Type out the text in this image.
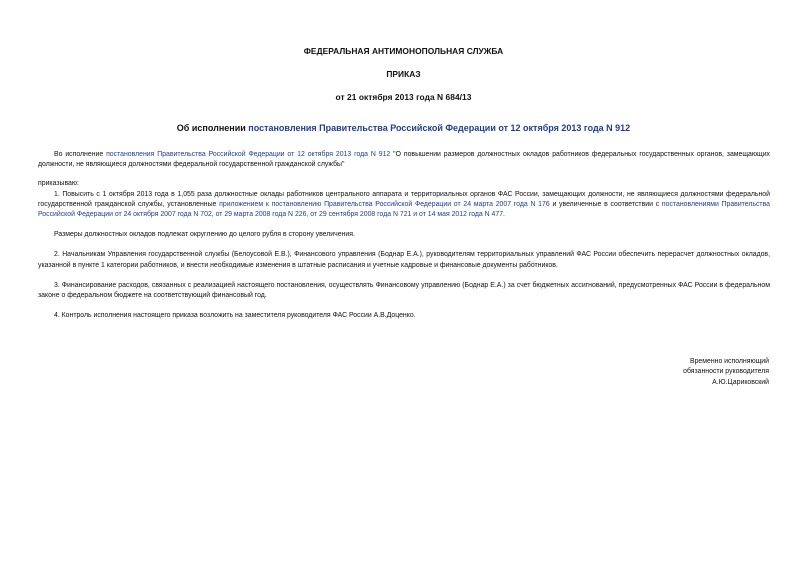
ФЕДЕРАЛЬНАЯ АНТИМОНОПОЛЬНАЯ СЛУЖБА
ПРИКАЗ
от 21 октября 2013 года N 684/13
Об исполнении постановления Правительства Российской Федерации от 12 октября 2013 года N 912

Во исполнение постановления Правительства Российской Федерации от 12 октября 2013 года N 912 "О повышении размеров должностных окладов работников федеральных государственных органов, замещающих должности, не являющиеся должностями федеральной государственной гражданской службы"

приказываю:

1. Повысить с 1 октября 2013 года в 1,055 раза должностные оклады работников центрального аппарата и территориальных органов ФАС России, замещающих должности, не являющиеся должностями федеральной государственной гражданской службы, установленные приложением к постановлению Правительства Российской Федерации от 24 марта 2007 года N 176 и увеличенные в соответствии с постановлениями Правительства Российской Федерации от 24 октября 2007 года N 702, от 29 марта 2008 года N 226, от 29 сентября 2008 года N 721 и от 14 мая 2012 года N 477.

Размеры должностных окладов подлежат округлению до целого рубля в сторону увеличения.

2. Начальникам Управления государственной службы (Белоусовой Е.В.), Финансового управления (Боднар Е.А.), руководителям территориальных управлений ФАС России обеспечить перерасчет должностных окладов, указанной в пункте 1 категории работников, и внести необходимые изменения в штатные расписания и учетные кадровые и финансовые документы работников.

3. Финансирование расходов, связанных с реализацией настоящего постановления, осуществлять Финансовому управлению (Боднар Е.А.) за счет бюджетных ассигнований, предусмотренных ФАС России в федеральном законе о федеральном бюджете на соответствующий финансовый год.

4. Контроль исполнения настоящего приказа возложить на заместителя руководителя ФАС России А.В.Доценко.

Временно исполняющий
обязанности руководителя
А.Ю.Цариковский
